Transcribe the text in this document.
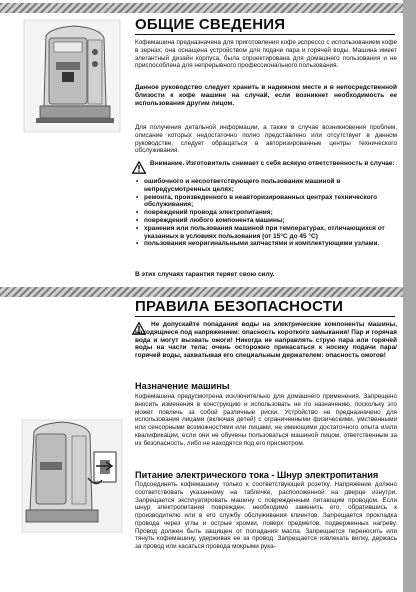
ОБЩИЕ СВЕДЕНИЯ

Кофемашина предназначена для приготовления кофе эспрессо с использованием кофе в зернах; она оснащена устройством для подачи пара и горячей воды. Машина имеет элегантный дизайн корпуса, была спроектирована для домашнего пользования и не приспособлена для непрерывного профессионального пользования.

Данное руководство следует хранить в надежном месте и в непосредственной близости к кофе машине на случай, если возникнет необходимость ее использования другим лицом.

Для получения детальной информации, а также в случае возникновения проблем, описание которых недостаточно полно представлено или отсутствует в данном руководстве, следует обращаться в авторизированные центры технического обслуживания.

Внимание. Изготовитель снимает с себя всякую ответственность в случае:

• ошибочного и несоответствующего пользования машиной в непредусмотренных целях;
• ремонта, произведенного в неавторизированных центрах технического обслуживания;
• повреждений провода электропитания;
• повреждений любого компонента машины;
• хранения или пользования машиной при температурах, отличающихся от указанных в условиях пользования (от 15°С до 45 °С)
• пользования неоригинальными запчастями и комплектующими узлами.

В этих случаях гарантия теряет свою силу.

ПРАВИЛА БЕЗОПАСНОСТИ

Не допускайте попадания воды на электрические компоненты машины, находящиеся под напряжением: опасность короткого замыкания! Пар и горячая вода и могут вызвать ожоги! Никогда не направлять струю пара или горячей воды на части тела; очень осторожно прикасаться к носику подачи пара/горячей воды, захватывая его специальным держателем: опасность ожогов!

Назначение машины

Кофемашина предусмотрена исключительно для домашнего применения. Запрещено вносить изменения в конструкцию и использовать не по назначению, поскольку это может повлечь за собой различные риски. Устройство не предназначено для использования лицами (включая детей) с ограниченными физическими, умственными или сенсорными возможностями или лицами, не имеющими достаточного опыта и/или квалификации, если они не обучены пользоваться машиной лицом, ответственным за их безопасность, либо не находятся под его присмотром.

Питание электрического тока - Шнур электропитания

Подсоединять кофемашину только к соответствующей розетку. Напряжение должно соответствовать указанному на табличке, расположенной на дверце изнутри. Запрещается эксплуатировать машину с поврежденным питающим проводом. Если шнур электропитания поврежден, необходимо заменить его, обратившись к производителю или в его службу обслуживания клиентов. Запрещается прокладка провода через углы и острые кромки, поверх предметов, подверженных нагреву. Провод должен быть защищен от попадания масла. Запрещается переносить или тянуть кофемашину, удерживая ее за провод. Запрещается извлекать вилку, держась за провод или касаться провода мокрыми рука-
